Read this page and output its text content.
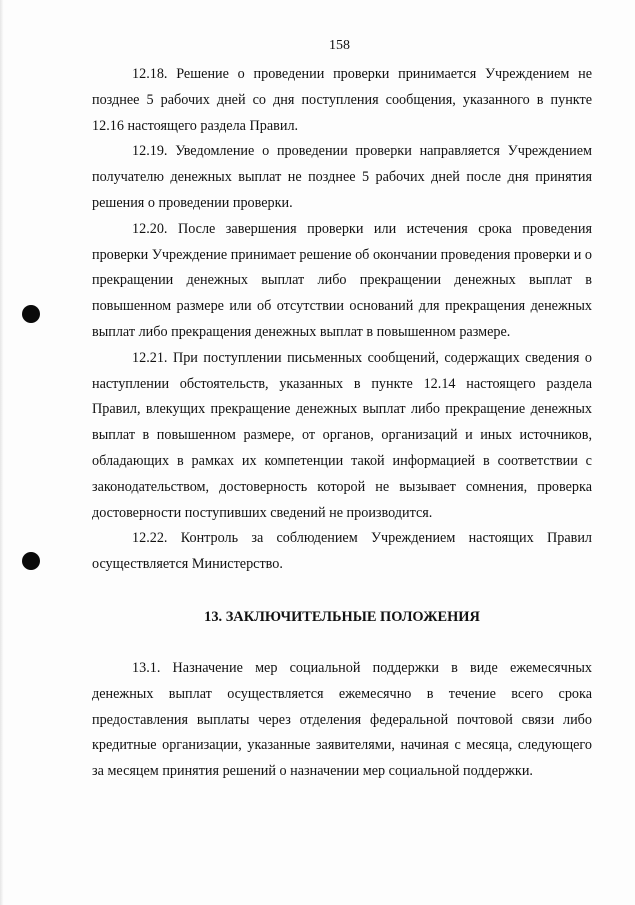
158

12.18. Решение о проведении проверки принимается Учреждением не позднее 5 рабочих дней со дня поступления сообщения, указанного в пункте 12.16 настоящего раздела Правил.

12.19. Уведомление о проведении проверки направляется Учреждением получателю денежных выплат не позднее 5 рабочих дней после дня принятия решения о проведении проверки.

12.20. После завершения проверки или истечения срока проведения проверки Учреждение принимает решение об окончании проведения проверки и о прекращении денежных выплат либо прекращении денежных выплат в повышенном размере или об отсутствии оснований для прекращения денежных выплат либо прекращения денежных выплат в повышенном размере.

12.21. При поступлении письменных сообщений, содержащих сведения о наступлении обстоятельств, указанных в пункте 12.14 настоящего раздела Правил, влекущих прекращение денежных выплат либо прекращение денежных выплат в повышенном размере, от органов, организаций и иных источников, обладающих в рамках их компетенции такой информацией в соответствии с законодательством, достоверность которой не вызывает сомнения, проверка достоверности поступивших сведений не производится.

12.22. Контроль за соблюдением Учреждением настоящих Правил осуществляется Министерство.

13. ЗАКЛЮЧИТЕЛЬНЫЕ ПОЛОЖЕНИЯ

13.1. Назначение мер социальной поддержки в виде ежемесячных денежных выплат осуществляется ежемесячно в течение всего срока предоставления выплаты через отделения федеральной почтовой связи либо кредитные организации, указанные заявителями, начиная с месяца, следующего за месяцем принятия решений о назначении мер социальной поддержки.
